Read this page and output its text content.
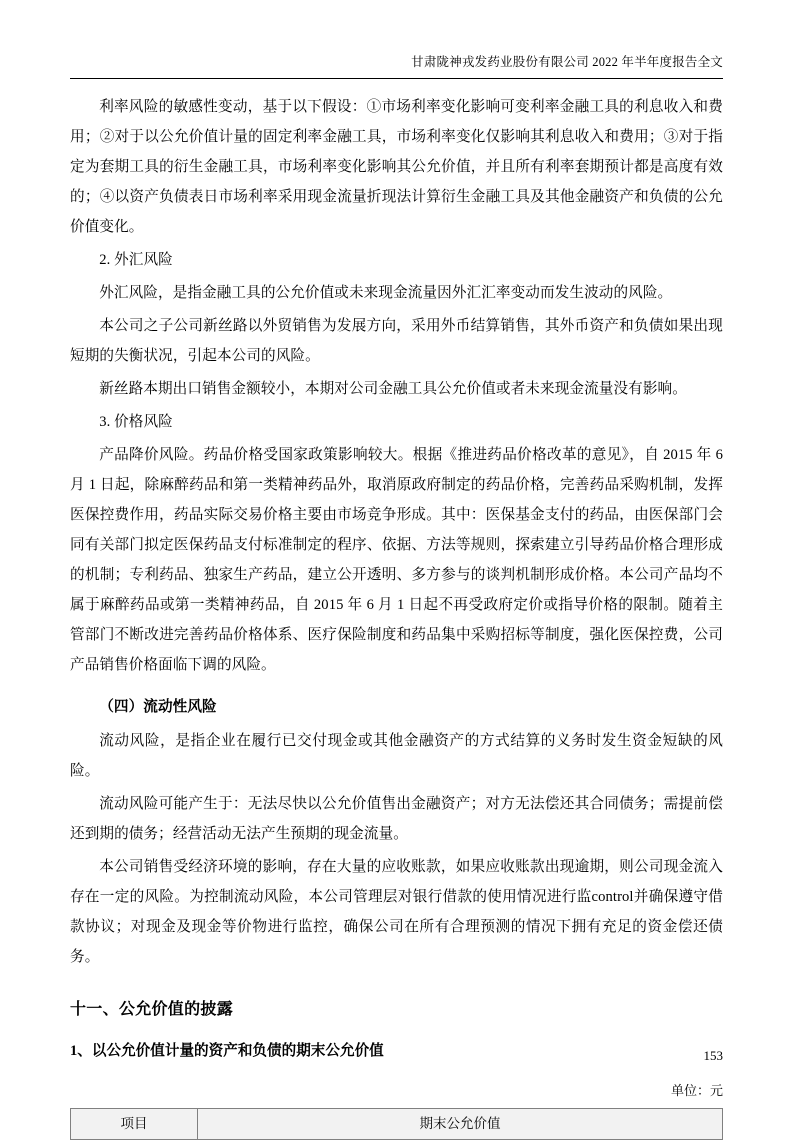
甘肃陇神戎发药业股份有限公司 2022 年半年度报告全文

利率风险的敏感性变动，基于以下假设：①市场利率变化影响可变利率金融工具的利息收入和费用；②对于以公允价值计量的固定利率金融工具，市场利率变化仅影响其利息收入和费用；③对于指定为套期工具的衍生金融工具，市场利率变化影响其公允价值，并且所有利率套期预计都是高度有效的；④以资产负债表日市场利率采用现金流量折现法计算衍生金融工具及其他金融资产和负债的公允价值变化。

2. 外汇风险

外汇风险，是指金融工具的公允价值或未来现金流量因外汇汇率变动而发生波动的风险。

本公司之子公司新丝路以外贸销售为发展方向，采用外币结算销售，其外币资产和负债如果出现短期的失衡状况，引起本公司的风险。

新丝路本期出口销售金额较小，本期对公司金融工具公允价值或者未来现金流量没有影响。

3. 价格风险

产品降价风险。药品价格受国家政策影响较大。根据《推进药品价格改革的意见》，自 2015 年 6 月 1 日起，除麻醉药品和第一类精神药品外，取消原政府制定的药品价格，完善药品采购机制，发挥医保控费作用，药品实际交易价格主要由市场竞争形成。其中：医保基金支付的药品，由医保部门会同有关部门拟定医保药品支付标准制定的程序、依据、方法等规则，探索建立引导药品价格合理形成的机制；专利药品、独家生产药品，建立公开透明、多方参与的谈判机制形成价格。本公司产品均不属于麻醉药品或第一类精神药品，自 2015 年 6 月 1 日起不再受政府定价或指导价格的限制。随着主管部门不断改进完善药品价格体系、医疗保险制度和药品集中采购招标等制度，强化医保控费，公司产品销售价格面临下调的风险。

（四）流动性风险

流动风险，是指企业在履行已交付现金或其他金融资产的方式结算的义务时发生资金短缺的风险。

流动风险可能产生于：无法尽快以公允价值售出金融资产；对方无法偿还其合同债务；需提前偿还到期的债务；经营活动无法产生预期的现金流量。

本公司销售受经济环境的影响，存在大量的应收账款，如果应收账款出现逾期，则公司现金流入存在一定的风险。为控制流动风险，本公司管理层对银行借款的使用情况进行监control并确保遵守借款协议；对现金及现金等价物进行监控，确保公司在所有合理预测的情况下拥有充足的资金偿还债务。

十一、公允价值的披露
1、以公允价值计量的资产和负债的期末公允价值
单位：元
项目	期末公允价值
153
